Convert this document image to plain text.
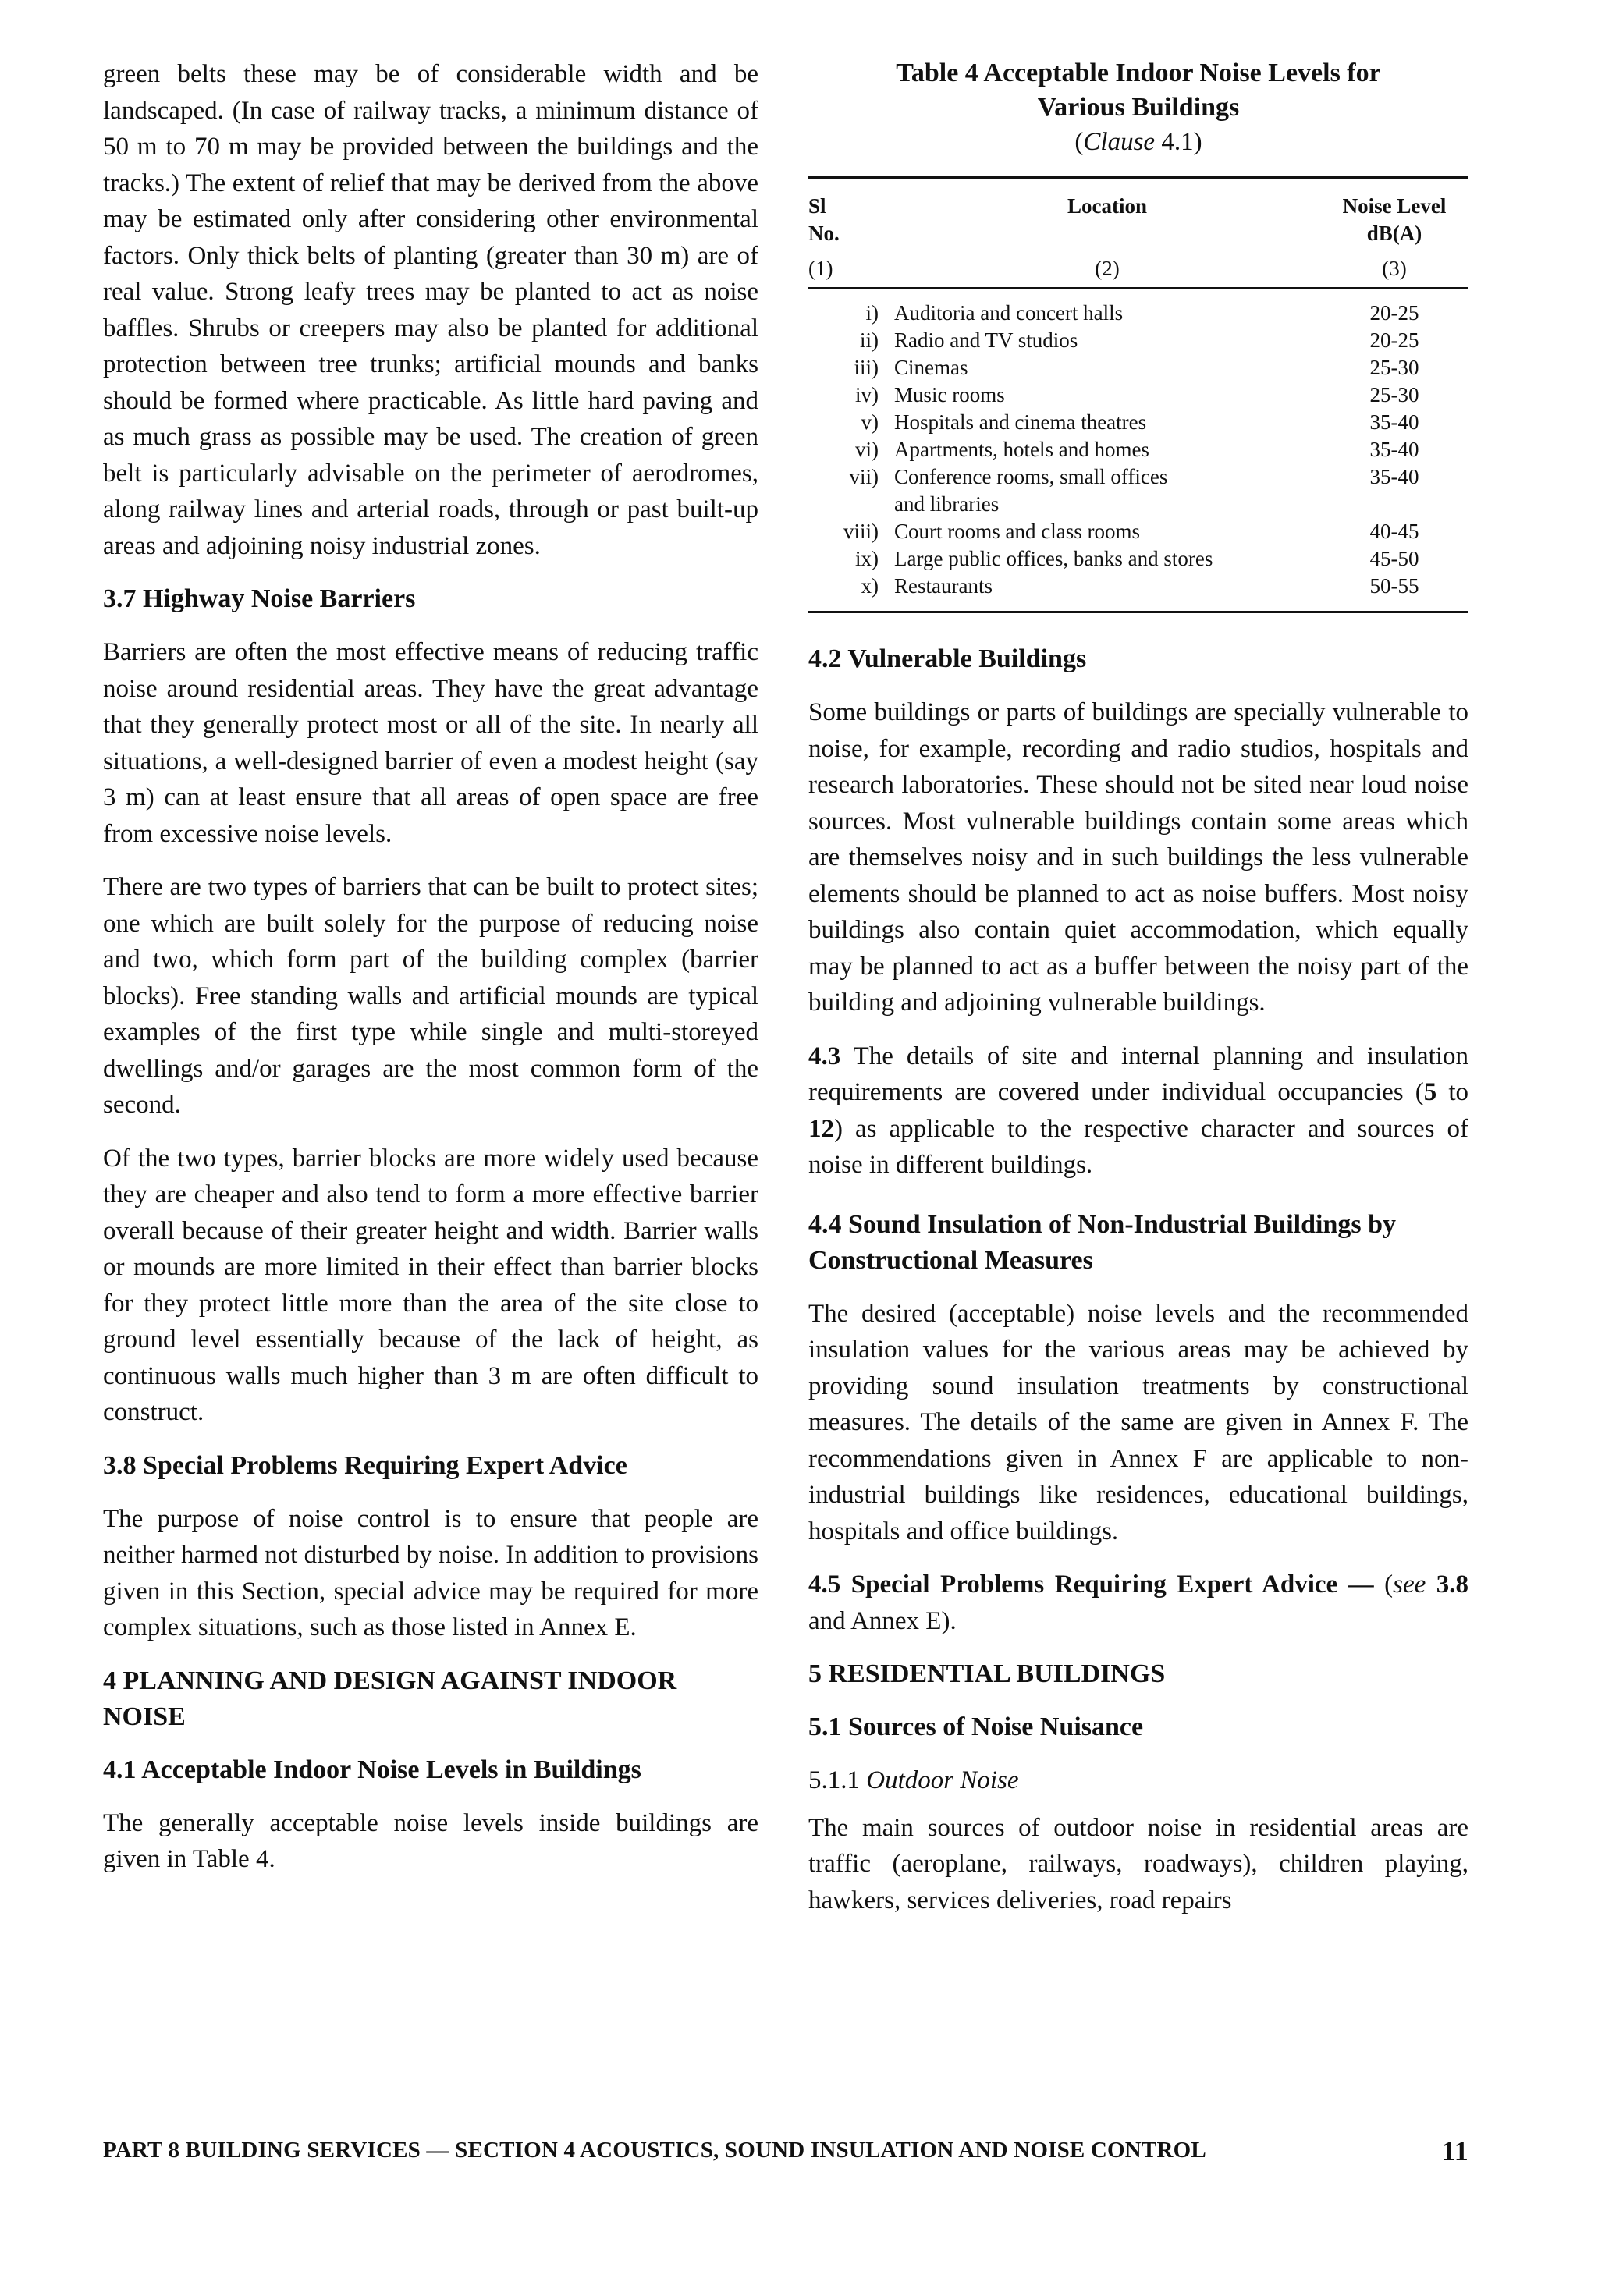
green belts these may be of considerable width and be landscaped. (In case of railway tracks, a minimum distance of 50 m to 70 m may be provided between the buildings and the tracks.) The extent of relief that may be derived from the above may be estimated only after considering other environmental factors. Only thick belts of planting (greater than 30 m) are of real value. Strong leafy trees may be planted to act as noise baffles. Shrubs or creepers may also be planted for additional protection between tree trunks; artificial mounds and banks should be formed where practicable. As little hard paving and as much grass as possible may be used. The creation of green belt is particularly advisable on the perimeter of aerodromes, along railway lines and arterial roads, through or past built-up areas and adjoining noisy industrial zones.

3.7 Highway Noise Barriers

Barriers are often the most effective means of reducing traffic noise around residential areas. They have the great advantage that they generally protect most or all of the site. In nearly all situations, a well-designed barrier of even a modest height (say 3 m) can at least ensure that all areas of open space are free from excessive noise levels.

There are two types of barriers that can be built to protect sites; one which are built solely for the purpose of reducing noise and two, which form part of the building complex (barrier blocks). Free standing walls and artificial mounds are typical examples of the first type while single and multi-storeyed dwellings and/or garages are the most common form of the second.

Of the two types, barrier blocks are more widely used because they are cheaper and also tend to form a more effective barrier overall because of their greater height and width. Barrier walls or mounds are more limited in their effect than barrier blocks for they protect little more than the area of the site close to ground level essentially because of the lack of height, as continuous walls much higher than 3 m are often difficult to construct.

3.8 Special Problems Requiring Expert Advice

The purpose of noise control is to ensure that people are neither harmed not disturbed by noise. In addition to provisions given in this Section, special advice may be required for more complex situations, such as those listed in Annex E.

4 PLANNING AND DESIGN AGAINST INDOOR NOISE
4.1 Acceptable Indoor Noise Levels in Buildings

The generally acceptable noise levels inside buildings are given in Table 4.

Table 4 Acceptable Indoor Noise Levels for
Various Buildings
(Clause 4.1)
Sl
No.	Location	Noise Level
dB(A)
(1)	(2)	(3)
i)	Auditoria and concert halls	20-25
ii)	Radio and TV studios	20-25
iii)	Cinemas	25-30
iv)	Music rooms	25-30
v)	Hospitals and cinema theatres	35-40
vi)	Apartments, hotels and homes	35-40
vii)	Conference rooms, small offices and libraries	35-40
viii)	Court rooms and class rooms	40-45
ix)	Large public offices, banks and stores	45-50
x)	Restaurants	50-55
4.2 Vulnerable Buildings

Some buildings or parts of buildings are specially vulnerable to noise, for example, recording and radio studios, hospitals and research laboratories. These should not be sited near loud noise sources. Most vulnerable buildings contain some areas which are themselves noisy and in such buildings the less vulnerable elements should be planned to act as noise buffers. Most noisy buildings also contain quiet accommodation, which equally may be planned to act as a buffer between the noisy part of the building and adjoining vulnerable buildings.

4.3 The details of site and internal planning and insulation requirements are covered under individual occupancies (5 to 12) as applicable to the respective character and sources of noise in different buildings.

4.4 Sound Insulation of Non-Industrial Buildings by Constructional Measures

The desired (acceptable) noise levels and the recommended insulation values for the various areas may be achieved by providing sound insulation treatments by constructional measures. The details of the same are given in Annex F. The recommendations given in Annex F are applicable to non-industrial buildings like residences, educational buildings, hospitals and office buildings.

4.5 Special Problems Requiring Expert Advice — (see 3.8 and Annex E).

5 RESIDENTIAL BUILDINGS
5.1 Sources of Noise Nuisance

5.1.1 Outdoor Noise

The main sources of outdoor noise in residential areas are traffic (aeroplane, railways, roadways), children playing, hawkers, services deliveries, road repairs

PART 8 BUILDING SERVICES — SECTION 4 ACOUSTICS, SOUND INSULATION AND NOISE CONTROL	11
